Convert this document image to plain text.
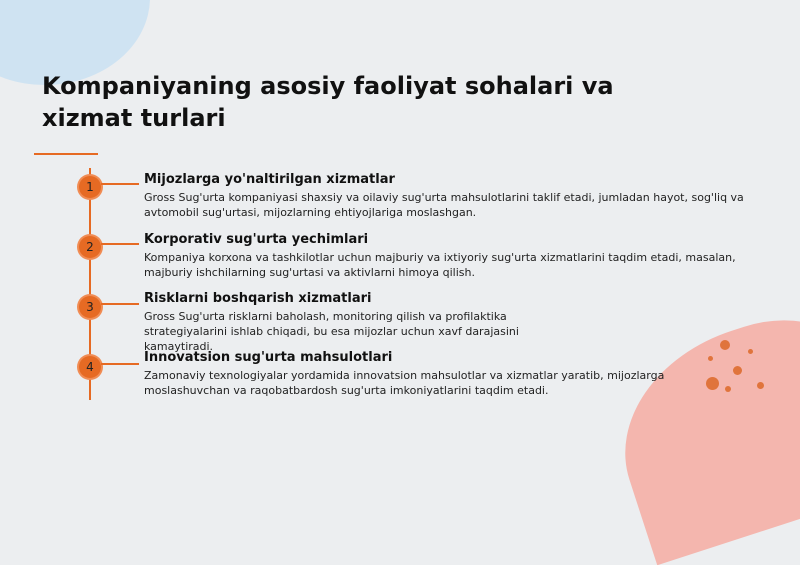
Kompaniyaning asosiy faoliyat sohalari va xizmat turlari
1	Mijozlarga yo'naltirilgan xizmatlar
Gross Sug'urta kompaniyasi shaxsiy va oilaviy sug'urta mahsulotlarini taklif etadi, jumladan hayot, sog'liq va avtomobil sug'urtasi, mijozlarning ehtiyojlariga moslashgan.
2	Korporativ sug'urta yechimlari
Kompaniya korxona va tashkilotlar uchun majburiy va ixtiyoriy sug'urta xizmatlarini taqdim etadi, masalan, majburiy ishchilarning sug'urtasi va aktivlarni himoya qilish.
3
Risklarni boshqarish xizmatlari
Gross Sug'urta risklarni baholash, monitoring qilish va profilaktika strategiyalarini ishlab chiqadi, bu esa mijozlar uchun xavf darajasini kamaytiradi.
4
Innovatsion sug'urta mahsulotlari
Zamonaviy texnologiyalar yordamida innovatsion mahsulotlar va xizmatlar yaratib, mijozlarga moslashuvchan va raqobatbardosh sug'urta imkoniyatlarini taqdim etadi.
